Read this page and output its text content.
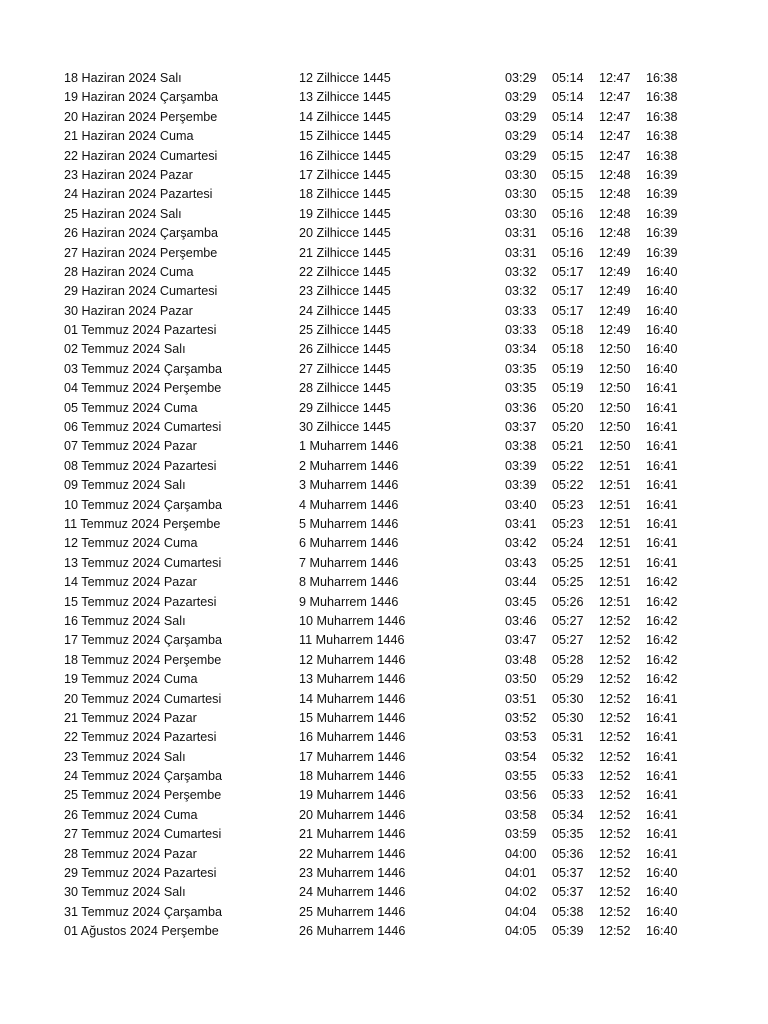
18 Haziran 2024 Salı	12 Zilhicce 1445	03:29 05:14 12:47 16:38
19 Haziran 2024 Çarşamba	13 Zilhicce 1445	03:29 05:14 12:47 16:38
20 Haziran 2024 Perşembe	14 Zilhicce 1445	03:29 05:14 12:47 16:38
21 Haziran 2024 Cuma	15 Zilhicce 1445	03:29 05:14 12:47 16:38
22 Haziran 2024 Cumartesi	16 Zilhicce 1445	03:29 05:15 12:47 16:38
23 Haziran 2024 Pazar	17 Zilhicce 1445	03:30 05:15 12:48 16:39
24 Haziran 2024 Pazartesi	18 Zilhicce 1445	03:30 05:15 12:48 16:39
25 Haziran 2024 Salı	19 Zilhicce 1445	03:30 05:16 12:48 16:39
26 Haziran 2024 Çarşamba	20 Zilhicce 1445	03:31 05:16 12:48 16:39
27 Haziran 2024 Perşembe	21 Zilhicce 1445	03:31 05:16 12:49 16:39
28 Haziran 2024 Cuma	22 Zilhicce 1445	03:32 05:17 12:49 16:40
29 Haziran 2024 Cumartesi	23 Zilhicce 1445	03:32 05:17 12:49 16:40
30 Haziran 2024 Pazar	24 Zilhicce 1445	03:33 05:17 12:49 16:40
01 Temmuz 2024 Pazartesi	25 Zilhicce 1445	03:33 05:18 12:49 16:40
02 Temmuz 2024 Salı	26 Zilhicce 1445	03:34 05:18 12:50 16:40
03 Temmuz 2024 Çarşamba	27 Zilhicce 1445	03:35 05:19 12:50 16:40
04 Temmuz 2024 Perşembe	28 Zilhicce 1445	03:35 05:19 12:50 16:41
05 Temmuz 2024 Cuma	29 Zilhicce 1445	03:36 05:20 12:50 16:41
06 Temmuz 2024 Cumartesi	30 Zilhicce 1445	03:37 05:20 12:50 16:41
07 Temmuz 2024 Pazar	1 Muharrem 1446	03:38 05:21 12:50 16:41
08 Temmuz 2024 Pazartesi	2 Muharrem 1446	03:39 05:22 12:51 16:41
09 Temmuz 2024 Salı	3 Muharrem 1446	03:39 05:22 12:51 16:41
10 Temmuz 2024 Çarşamba	4 Muharrem 1446	03:40 05:23 12:51 16:41
11 Temmuz 2024 Perşembe	5 Muharrem 1446	03:41 05:23 12:51 16:41
12 Temmuz 2024 Cuma	6 Muharrem 1446	03:42 05:24 12:51 16:41
13 Temmuz 2024 Cumartesi	7 Muharrem 1446	03:43 05:25 12:51 16:41
14 Temmuz 2024 Pazar	8 Muharrem 1446	03:44 05:25 12:51 16:42
15 Temmuz 2024 Pazartesi	9 Muharrem 1446	03:45 05:26 12:51 16:42
16 Temmuz 2024 Salı	10 Muharrem 1446	03:46 05:27 12:52 16:42
17 Temmuz 2024 Çarşamba	11 Muharrem 1446	03:47 05:27 12:52 16:42
18 Temmuz 2024 Perşembe	12 Muharrem 1446	03:48 05:28 12:52 16:42
19 Temmuz 2024 Cuma	13 Muharrem 1446	03:50 05:29 12:52 16:42
20 Temmuz 2024 Cumartesi	14 Muharrem 1446	03:51 05:30 12:52 16:41
21 Temmuz 2024 Pazar	15 Muharrem 1446	03:52 05:30 12:52 16:41
22 Temmuz 2024 Pazartesi	16 Muharrem 1446	03:53 05:31 12:52 16:41
23 Temmuz 2024 Salı	17 Muharrem 1446	03:54 05:32 12:52 16:41
24 Temmuz 2024 Çarşamba	18 Muharrem 1446	03:55 05:33 12:52 16:41
25 Temmuz 2024 Perşembe	19 Muharrem 1446	03:56 05:33 12:52 16:41
26 Temmuz 2024 Cuma	20 Muharrem 1446	03:58 05:34 12:52 16:41
27 Temmuz 2024 Cumartesi	21 Muharrem 1446	03:59 05:35 12:52 16:41
28 Temmuz 2024 Pazar	22 Muharrem 1446	04:00 05:36 12:52 16:41
29 Temmuz 2024 Pazartesi	23 Muharrem 1446	04:01 05:37 12:52 16:40
30 Temmuz 2024 Salı	24 Muharrem 1446	04:02 05:37 12:52 16:40
31 Temmuz 2024 Çarşamba	25 Muharrem 1446	04:04 05:38 12:52 16:40
01 Ağustos 2024 Perşembe	26 Muharrem 1446	04:05 05:39 12:52 16:40
